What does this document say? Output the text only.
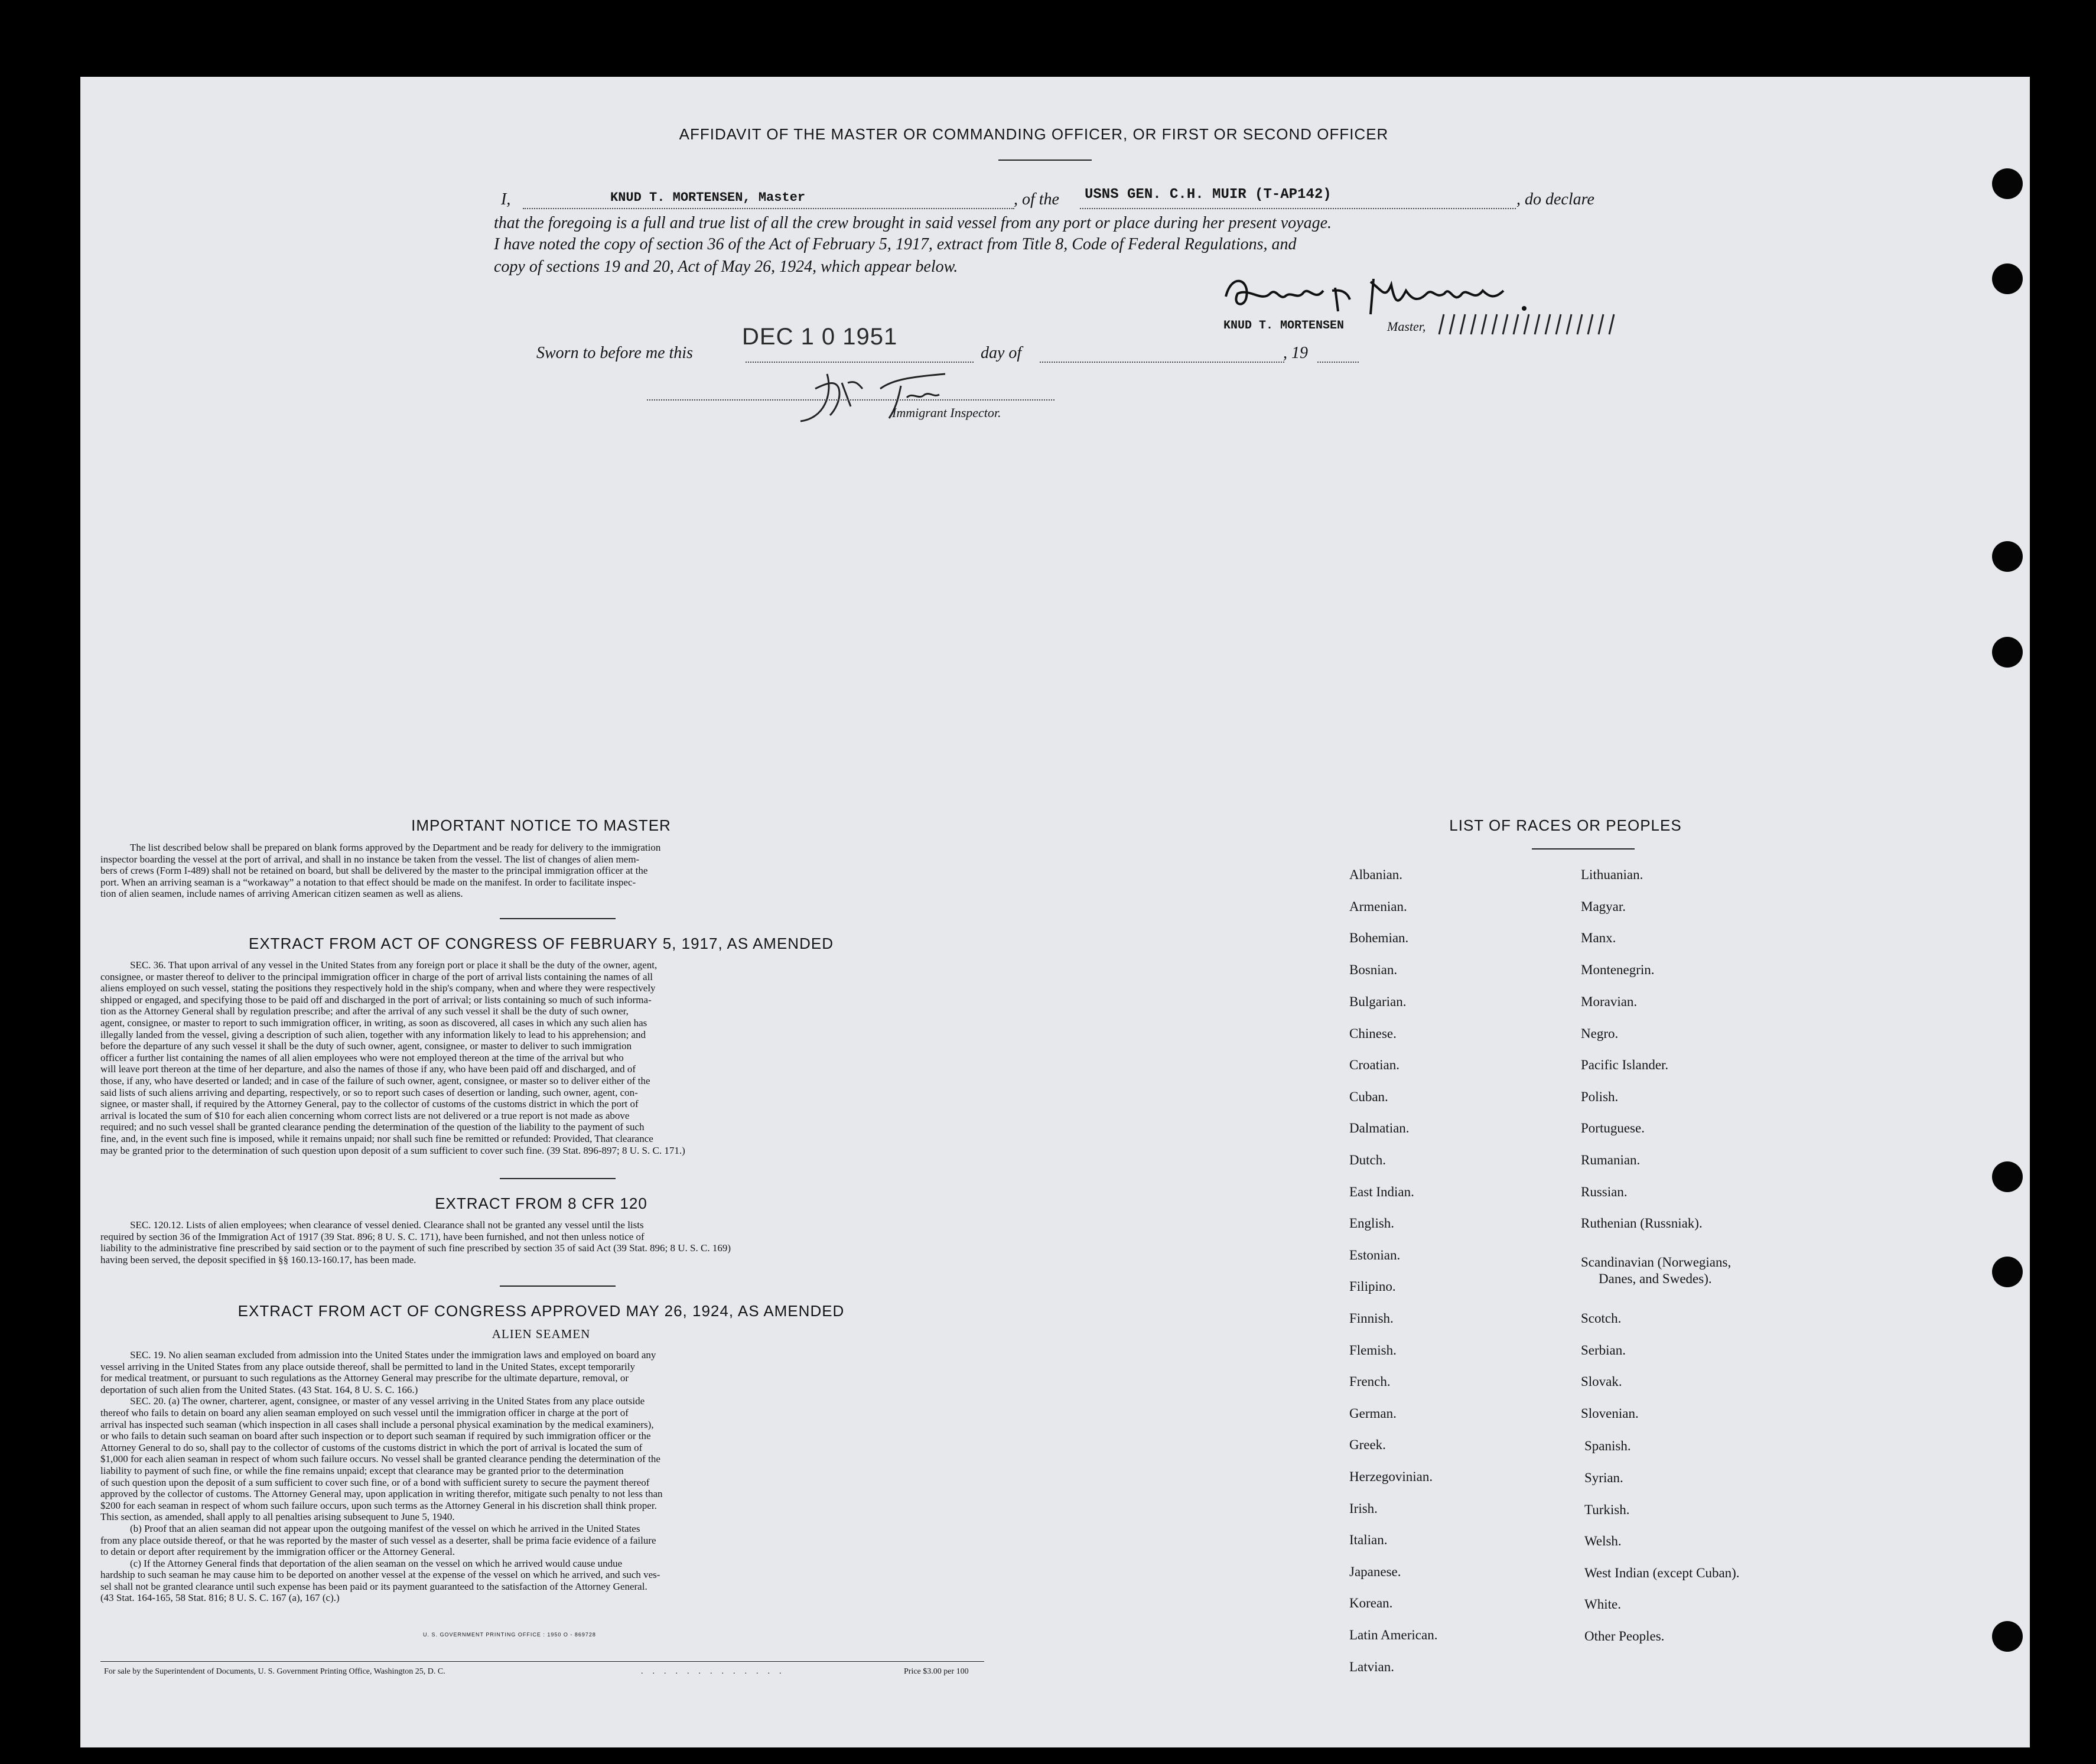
AFFIDAVIT OF THE MASTER OR COMMANDING OFFICER, OR FIRST OR SECOND OFFICER
I,	KNUD T. MORTENSEN, Master	, of the USNS GEN. C.H. MUIR (T-AP142)	, do declare
that the foregoing is a full and true list of all the crew brought in said vessel from any port or place during her present voyage.
I have noted the copy of section 36 of the Act of February 5, 1917, extract from Title 8, Code of Federal Regulations, and
copy of sections 19 and 20, Act of May 26, 1924, which appear below.
KNUD T. MORTENSEN	Master,
Sworn to before me this
DEC 1 0 1951
day of	, 19
Immigrant Inspector.
IMPORTANT NOTICE TO MASTER
The list described below shall be prepared on blank forms approved by the Department and be ready for delivery to the immigration
inspector boarding the vessel at the port of arrival, and shall in no instance be taken from the vessel. The list of changes of alien mem-
bers of crews (Form I-489) shall not be retained on board, but shall be delivered by the master to the principal immigration officer at the
port. When an arriving seaman is a “workaway” a notation to that effect should be made on the manifest. In order to facilitate inspec-
tion of alien seamen, include names of arriving American citizen seamen as well as aliens.
EXTRACT FROM ACT OF CONGRESS OF FEBRUARY 5, 1917, AS AMENDED
SEC. 36. That upon arrival of any vessel in the United States from any foreign port or place it shall be the duty of the owner, agent,
consignee, or master thereof to deliver to the principal immigration officer in charge of the port of arrival lists containing the names of all
aliens employed on such vessel, stating the positions they respectively hold in the ship's company, when and where they were respectively
shipped or engaged, and specifying those to be paid off and discharged in the port of arrival; or lists containing so much of such informa-
tion as the Attorney General shall by regulation prescribe; and after the arrival of any such vessel it shall be the duty of such owner,
agent, consignee, or master to report to such immigration officer, in writing, as soon as discovered, all cases in which any such alien has
illegally landed from the vessel, giving a description of such alien, together with any information likely to lead to his apprehension; and
before the departure of any such vessel it shall be the duty of such owner, agent, consignee, or master to deliver to such immigration
officer a further list containing the names of all alien employees who were not employed thereon at the time of the arrival but who
will leave port thereon at the time of her departure, and also the names of those if any, who have been paid off and discharged, and of
those, if any, who have deserted or landed; and in case of the failure of such owner, agent, consignee, or master so to deliver either of the
said lists of such aliens arriving and departing, respectively, or so to report such cases of desertion or landing, such owner, agent, con-
signee, or master shall, if required by the Attorney General, pay to the collector of customs of the customs district in which the port of
arrival is located the sum of $10 for each alien concerning whom correct lists are not delivered or a true report is not made as above
required; and no such vessel shall be granted clearance pending the determination of the question of the liability to the payment of such
fine, and, in the event such fine is imposed, while it remains unpaid; nor shall such fine be remitted or refunded: Provided, That clearance
may be granted prior to the determination of such question upon deposit of a sum sufficient to cover such fine. (39 Stat. 896-897; 8 U. S. C. 171.)
EXTRACT FROM 8 CFR 120
SEC. 120.12. Lists of alien employees; when clearance of vessel denied. Clearance shall not be granted any vessel until the lists
required by section 36 of the Immigration Act of 1917 (39 Stat. 896; 8 U. S. C. 171), have been furnished, and not then unless notice of
liability to the administrative fine prescribed by said section or to the payment of such fine prescribed by section 35 of said Act (39 Stat. 896; 8 U. S. C. 169)
having been served, the deposit specified in §§ 160.13-160.17, has been made.
EXTRACT FROM ACT OF CONGRESS APPROVED MAY 26, 1924, AS AMENDED
ALIEN SEAMEN
SEC. 19. No alien seaman excluded from admission into the United States under the immigration laws and employed on board any
vessel arriving in the United States from any place outside thereof, shall be permitted to land in the United States, except temporarily
for medical treatment, or pursuant to such regulations as the Attorney General may prescribe for the ultimate departure, removal, or
deportation of such alien from the United States. (43 Stat. 164, 8 U. S. C. 166.)
SEC. 20. (a) The owner, charterer, agent, consignee, or master of any vessel arriving in the United States from any place outside
thereof who fails to detain on board any alien seaman employed on such vessel until the immigration officer in charge at the port of
arrival has inspected such seaman (which inspection in all cases shall include a personal physical examination by the medical examiners),
or who fails to detain such seaman on board after such inspection or to deport such seaman if required by such immigration officer or the
Attorney General to do so, shall pay to the collector of customs of the customs district in which the port of arrival is located the sum of
$1,000 for each alien seaman in respect of whom such failure occurs. No vessel shall be granted clearance pending the determination of the
liability to payment of such fine, or while the fine remains unpaid; except that clearance may be granted prior to the determination
of such question upon the deposit of a sum sufficient to cover such fine, or of a bond with sufficient surety to secure the payment thereof
approved by the collector of customs. The Attorney General may, upon application in writing therefor, mitigate such penalty to not less than
$200 for each seaman in respect of whom such failure occurs, upon such terms as the Attorney General in his discretion shall think proper.
This section, as amended, shall apply to all penalties arising subsequent to June 5, 1940.
(b) Proof that an alien seaman did not appear upon the outgoing manifest of the vessel on which he arrived in the United States
from any place outside thereof, or that he was reported by the master of such vessel as a deserter, shall be prima facie evidence of a failure
to detain or deport after requirement by the immigration officer or the Attorney General.
(c) If the Attorney General finds that deportation of the alien seaman on the vessel on which he arrived would cause undue
hardship to such seaman he may cause him to be deported on another vessel at the expense of the vessel on which he arrived, and such ves-
sel shall not be granted clearance until such expense has been paid or its payment guaranteed to the satisfaction of the Attorney General.
(43 Stat. 164-165, 58 Stat. 816; 8 U. S. C. 167 (a), 167 (c).)
U. S. GOVERNMENT PRINTING OFFICE : 1950 O - 869728
For sale by the Superintendent of Documents, U. S. Government Printing Office, Washington 25, D. C.	.............	Price $3.00 per 100
LIST OF RACES OR PEOPLES
Albanian.
Armenian.
Bohemian.
Bosnian.
Bulgarian.
Chinese.
Croatian.
Cuban.
Dalmatian.
Dutch.
East Indian.
English.
Estonian.
Filipino.
Finnish.
Flemish.
French.
German.
Greek.
Herzegovinian.
Irish.
Italian.
Japanese.
Korean.
Latin American.
Latvian.
Lithuanian.
Magyar.
Manx.
Montenegrin.
Moravian.
Negro.
Pacific Islander.
Polish.
Portuguese.
Rumanian.
Russian.
Ruthenian (Russniak).
Scandinavian (Norwegians,
Danes, and Swedes).
Scotch.
Serbian.
Slovak.
Slovenian.
Spanish.
Syrian.
Turkish.
Welsh.
West Indian (except Cuban).
White.
Other Peoples.
